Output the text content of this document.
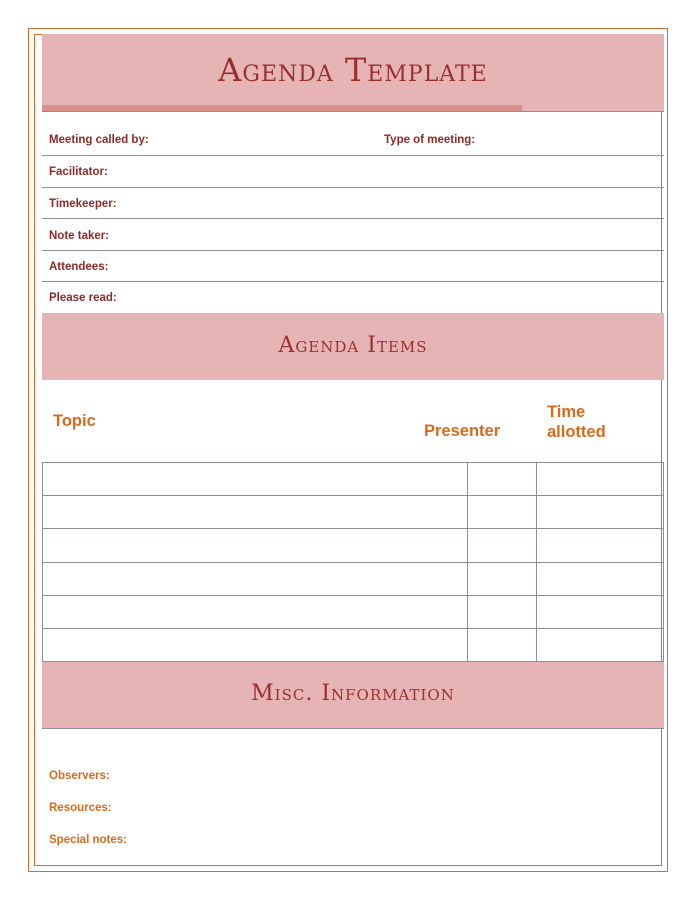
Agenda Template
Meeting called by:	Type of meeting:
Facilitator:
Timekeeper:
Note taker:
Attendees:
Please read:
Agenda Items
Topic
Presenter
Time
allotted
Misc. Information
Observers:
Resources:
Special notes:
